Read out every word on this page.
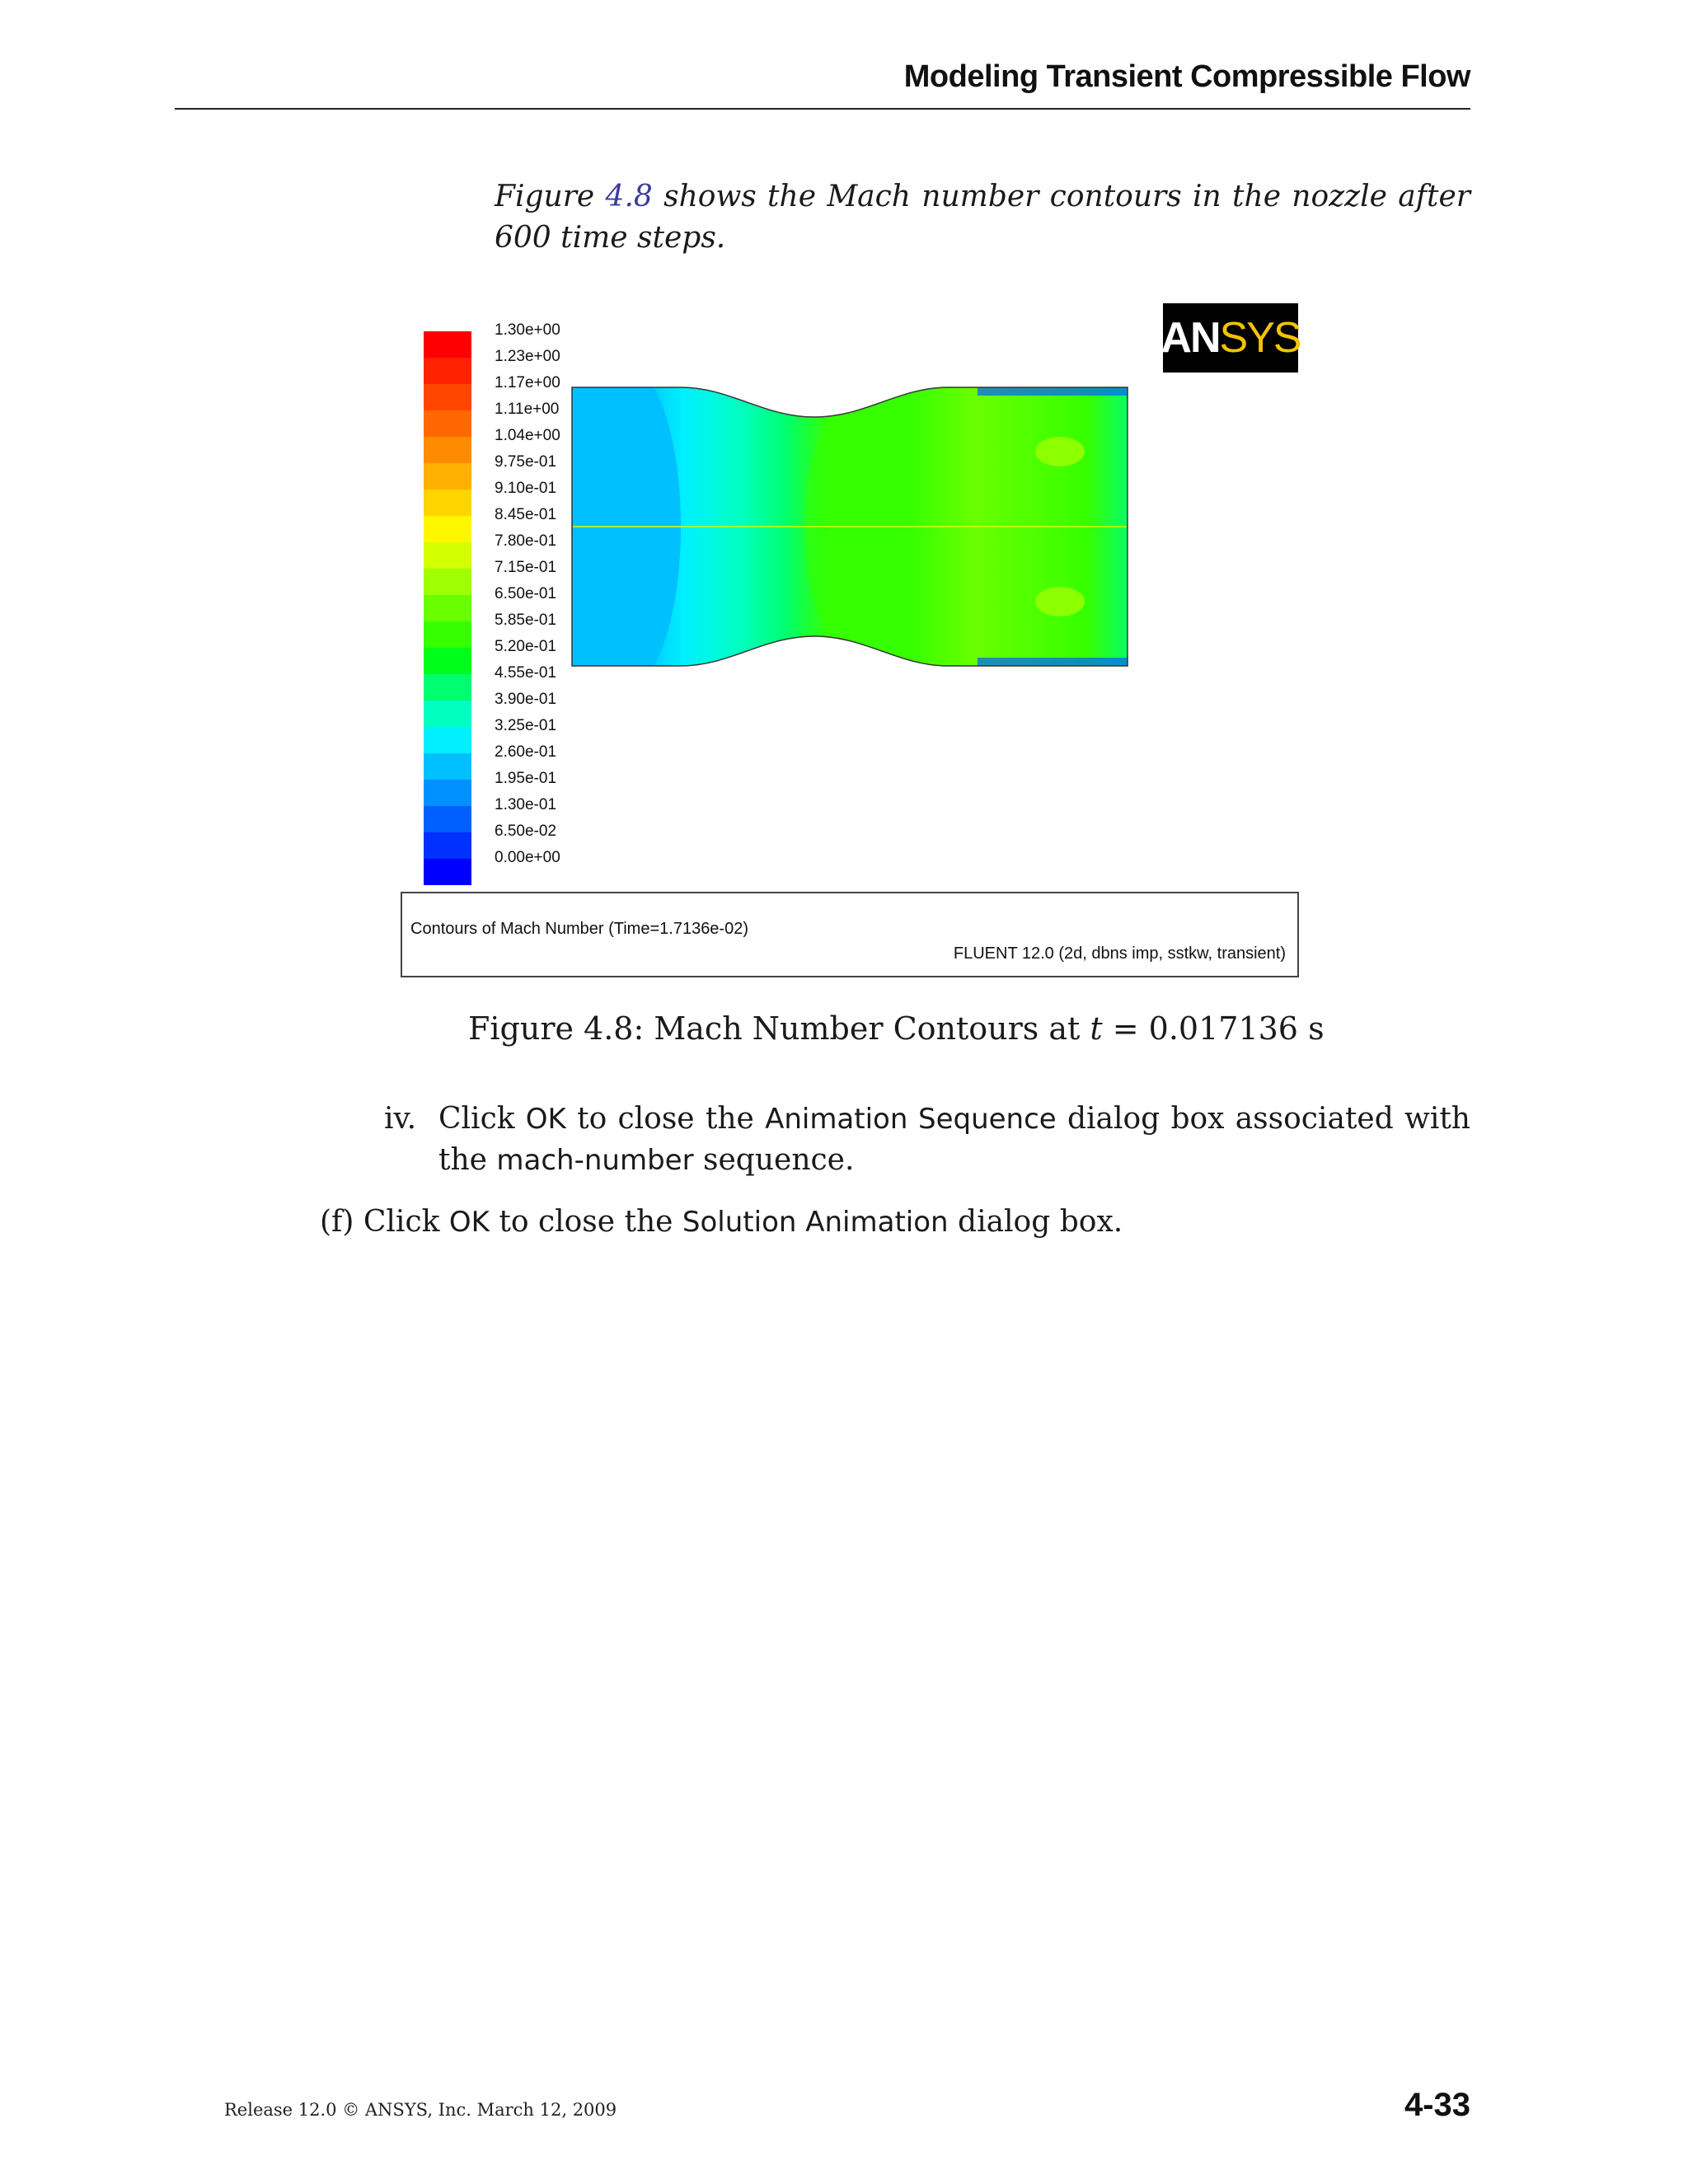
Modeling Transient Compressible Flow
Figure 4.8 shows the Mach number contours in the nozzle after 600 time steps.
1.30e+00
1.23e+00
1.17e+00
1.11e+00
1.04e+00
9.75e-01
9.10e-01
8.45e-01
7.80e-01
7.15e-01
6.50e-01
5.85e-01
5.20e-01
4.55e-01
3.90e-01
3.25e-01
2.60e-01
1.95e-01
1.30e-01
6.50e-02
0.00e+00
AN SYS
Contours of Mach Number (Time=1.7136e-02)
FLUENT 12.0 (2d, dbns imp, sstkw, transient)
Figure 4.8: Mach Number Contours at t = 0.017136 s
iv. Click OK to close the Animation Sequence dialog box associated with the mach-number sequence.
(f) Click OK to close the Solution Animation dialog box.
Release 12.0 © ANSYS, Inc. March 12, 2009	4-33
